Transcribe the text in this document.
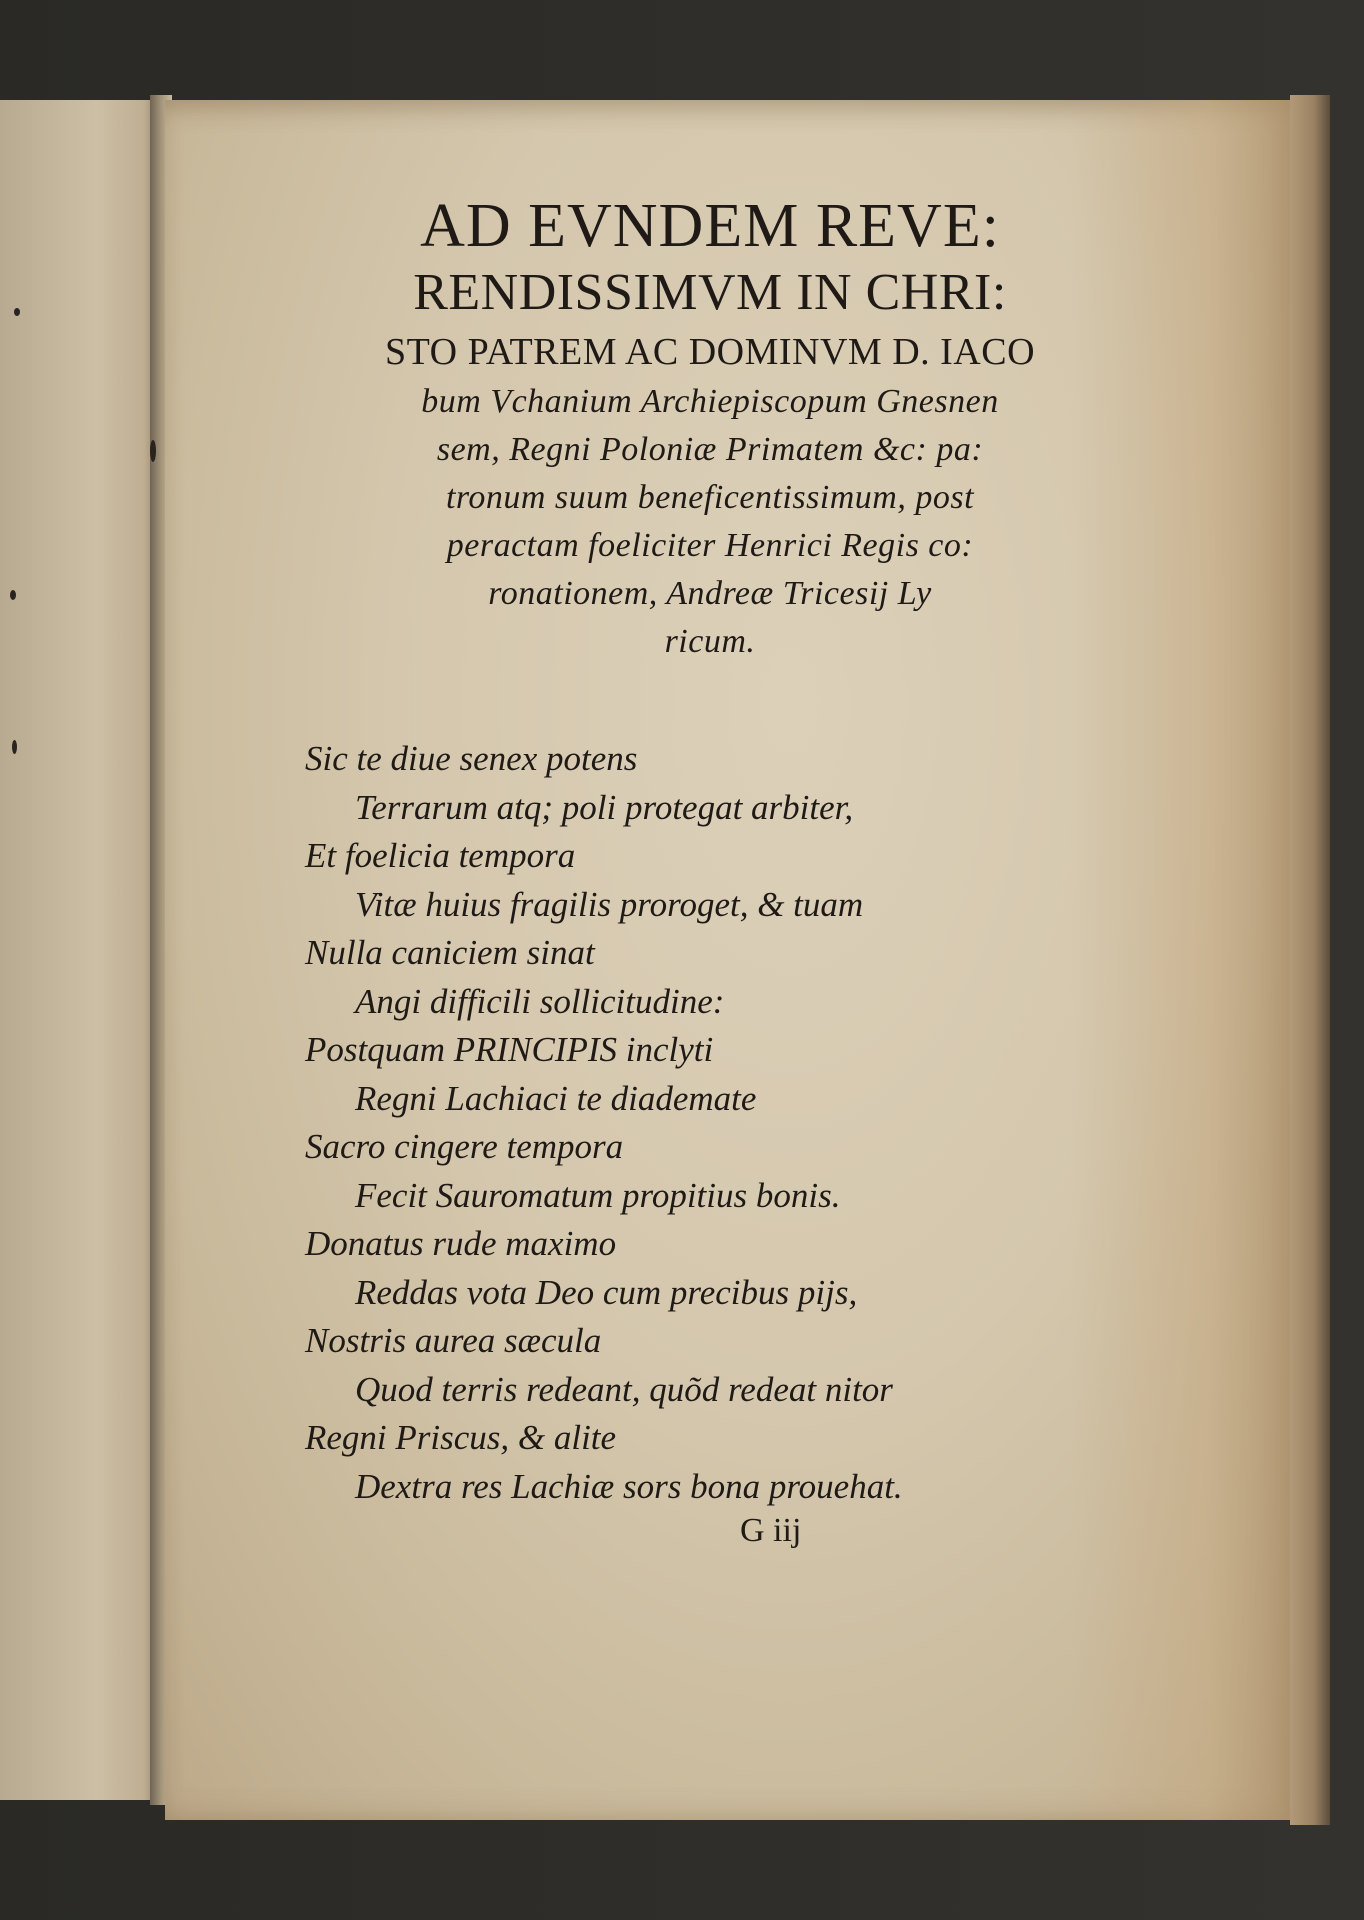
AD EVNDEM REVE:
RENDISSIMVM IN CHRI:
STO PATREM AC DOMINVM D. IACO
bum Vchanium Archiepiscopum Gnesnen
sem, Regni Poloniæ Primatem &c: pa:
tronum suum beneficentissimum, post
peractam foeliciter Henrici Regis co:
ronationem, Andreæ Tricesij Ly
ricum.
Sic te diue senex potens
Terrarum atq; poli protegat arbiter,
Et foelicia tempora
Vitæ huius fragilis proroget, & tuam
Nulla caniciem sinat
Angi difficili sollicitudine:
Postquam PRINCIPIS inclyti
Regni Lachiaci te diademate
Sacro cingere tempora
Fecit Sauromatum propitius bonis.
Donatus rude maximo
Reddas vota Deo cum precibus pijs,
Nostris aurea sæcula
Quod terris redeant, quõd redeat nitor
Regni Priscus, & alite
Dextra res Lachiæ sors bona prouehat.
G iij
